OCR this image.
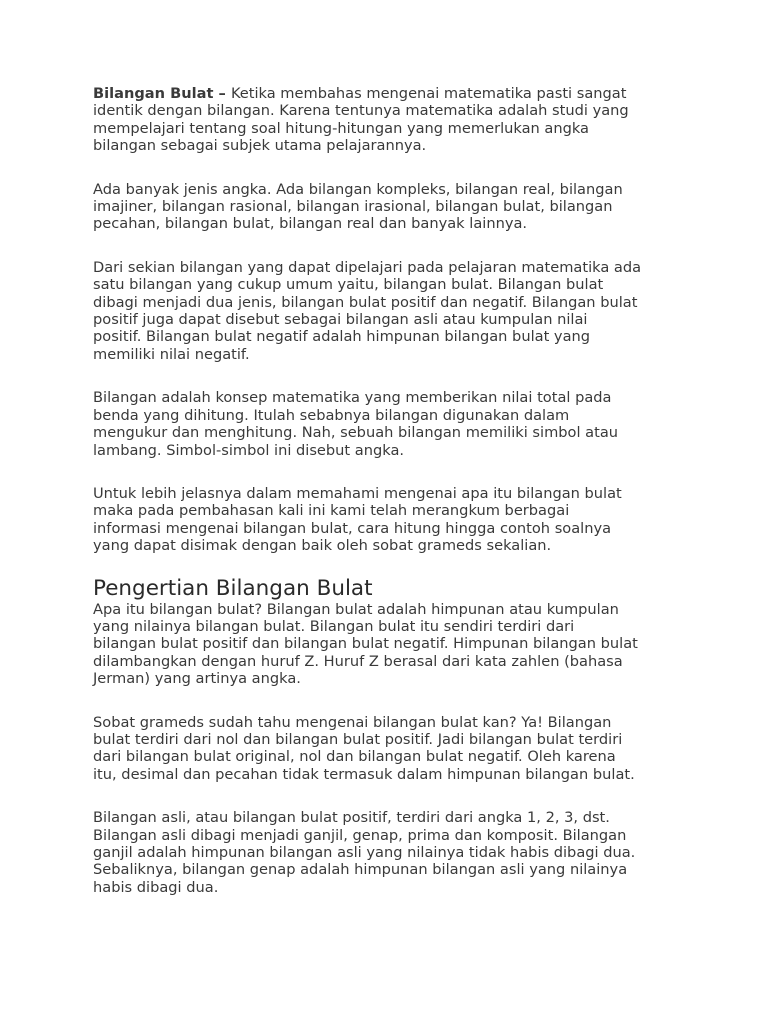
Bilangan Bulat – Ketika membahas mengenai matematika pasti sangat
identik dengan bilangan. Karena tentunya matematika adalah studi yang
mempelajari tentang soal hitung-hitungan yang memerlukan angka
bilangan sebagai subjek utama pelajarannya.

Ada banyak jenis angka. Ada bilangan kompleks, bilangan real, bilangan
imajiner, bilangan rasional, bilangan irasional, bilangan bulat, bilangan
pecahan, bilangan bulat, bilangan real dan banyak lainnya.

Dari sekian bilangan yang dapat dipelajari pada pelajaran matematika ada
satu bilangan yang cukup umum yaitu, bilangan bulat. Bilangan bulat
dibagi menjadi dua jenis, bilangan bulat positif dan negatif. Bilangan bulat
positif juga dapat disebut sebagai bilangan asli atau kumpulan nilai
positif. Bilangan bulat negatif adalah himpunan bilangan bulat yang
memiliki nilai negatif.

Bilangan adalah konsep matematika yang memberikan nilai total pada
benda yang dihitung. Itulah sebabnya bilangan digunakan dalam
mengukur dan menghitung. Nah, sebuah bilangan memiliki simbol atau
lambang. Simbol-simbol ini disebut angka.

Untuk lebih jelasnya dalam memahami mengenai apa itu bilangan bulat
maka pada pembahasan kali ini kami telah merangkum berbagai
informasi mengenai bilangan bulat, cara hitung hingga contoh soalnya
yang dapat disimak dengan baik oleh sobat grameds sekalian.

Pengertian Bilangan Bulat

Apa itu bilangan bulat? Bilangan bulat adalah himpunan atau kumpulan
yang nilainya bilangan bulat. Bilangan bulat itu sendiri terdiri dari
bilangan bulat positif dan bilangan bulat negatif. Himpunan bilangan bulat
dilambangkan dengan huruf Z. Huruf Z berasal dari kata zahlen (bahasa
Jerman) yang artinya angka.

Sobat grameds sudah tahu mengenai bilangan bulat kan? Ya! Bilangan
bulat terdiri dari nol dan bilangan bulat positif. Jadi bilangan bulat terdiri
dari bilangan bulat original, nol dan bilangan bulat negatif. Oleh karena
itu, desimal dan pecahan tidak termasuk dalam himpunan bilangan bulat.

Bilangan asli, atau bilangan bulat positif, terdiri dari angka 1, 2, 3, dst.
Bilangan asli dibagi menjadi ganjil, genap, prima dan komposit. Bilangan
ganjil adalah himpunan bilangan asli yang nilainya tidak habis dibagi dua.
Sebaliknya, bilangan genap adalah himpunan bilangan asli yang nilainya
habis dibagi dua.
